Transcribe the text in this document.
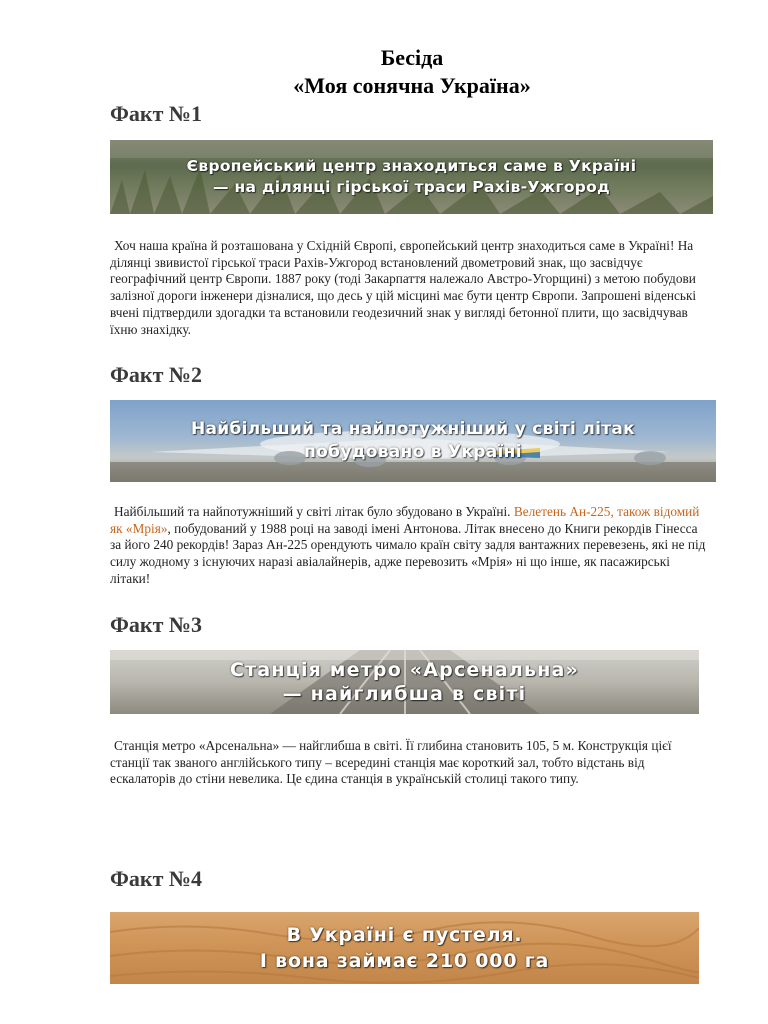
Бесіда
«Моя сонячна Україна»
Факт №1
Європейський центр знаходиться саме в Україні
— на ділянці гірської траси Рахів-Ужгород
Хоч наша країна й розташована у Східній Європі, європейський центр знаходиться саме в Україні! На ділянці звивистої гірської траси Рахів-Ужгород встановлений двометровий знак, що засвідчує географічний центр Європи. 1887 року (тоді Закарпаття належало Австро-Угорщині) з метою побудови залізної дороги інженери дізналися, що десь у цій місцині має бути центр Європи. Запрошені віденські вчені підтвердили здогадки та встановили геодезичний знак у вигляді бетонної плити, що засвідчував їхню знахідку.
Факт №2
Найбільший та найпотужніший у світі літак
побудовано в Україні
Найбільший та найпотужніший у світі літак було збудовано в Україні. Велетень Ан-225, також відомий як «Мрія», побудований у 1988 році на заводі імені Антонова. Літак внесено до Книги рекордів Гінесса за його 240 рекордів! Зараз Ан-225 орендують чимало країн світу задля вантажних перевезень, які не під силу жодному з існуючих наразі авіалайнерів, адже перевозить «Мрія» ні що інше, як пасажирські літаки!
Факт №3
Станція метро «Арсенальна»
— найглибша в світі
Станція метро «Арсенальна» — найглибша в світі. Її глибина становить 105, 5 м. Конструкція цієї станції так званого англійського типу – всередині станція має короткий зал, тобто відстань від ескалаторів до стіни невелика. Це єдина станція в українській столиці такого типу.
Факт №4
В Україні є пустеля.
І вона займає 210 000 га
